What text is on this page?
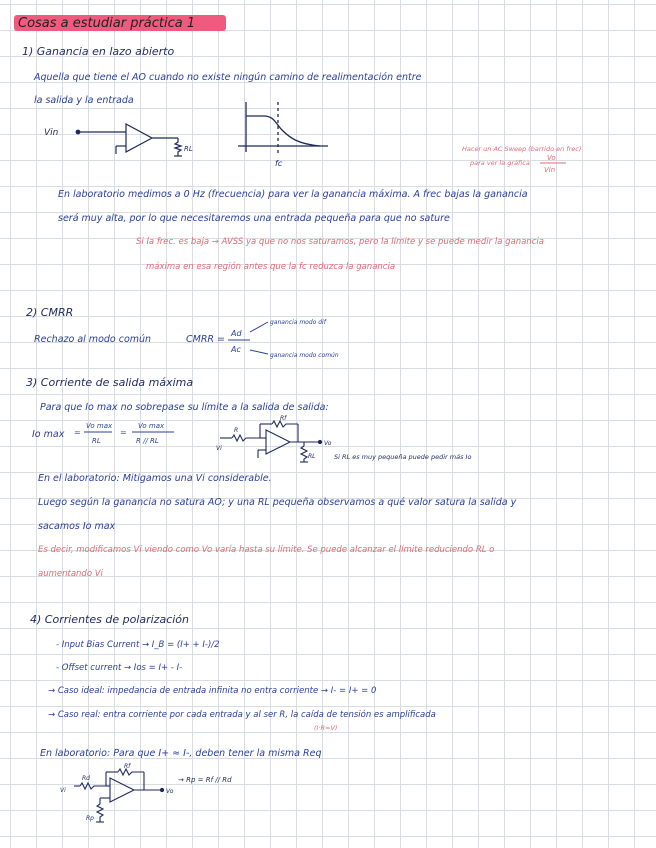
Cosas a estudiar práctica 1
1) Ganancia en lazo abierto
Aquella que tiene el AO cuando no existe ningún camino de realimentación entre
la salida y la entrada
Vin
RL
fc
Hacer un AC Sweep (barrido en frec)
para ver la gráfica
Vo
Vin
En laboratorio medimos a 0 Hz (frecuencia) para ver la ganancia máxima. A frec bajas la ganancia
será muy alta, por lo que necesitaremos una entrada pequeña para que no sature
Si la frec. es baja → AVSS ya que no nos saturamos, pero la límite y se puede medir la ganancia
máxima en esa región antes que la fc reduzca la ganancia
2) CMRR
Rechazo al modo común	CMRR =
Ad
Ac
ganancia modo dif
ganancia modo común
3) Corriente de salida máxima
Para que Io max no sobrepase su límite a la salida de salida:
Io max =
Vo max
RL
=
Vo max
R // RL
Rf
R
Vi
Vo
RL	Si RL es muy pequeña puede pedir más Io
En el laboratorio: Mitigamos una Vi considerable.
Luego según la ganancia no satura AO; y una RL pequeña observamos a qué valor satura la salida y
sacamos Io max
Es decir, modificamos Vi viendo como Vo varía hasta su límite. Se puede alcanzar el límite reduciendo RL o
aumentando Vi
4) Corrientes de polarización
- Input Bias Current → I_B = (I+ + I-)/2
- Offset current → Ios = I+ - I-
→ Caso ideal: impedancia de entrada infinita no entra corriente → I- = I+ = 0
→ Caso real: entra corriente por cada entrada y al ser R, la caída de tensión es amplificada
(I·R=V)
En laboratorio: Para que I+ ≈ I-, deben tener la misma Req
Rf
Rd
Rp
Vi	Vo
→ Rp = Rf // Rd
